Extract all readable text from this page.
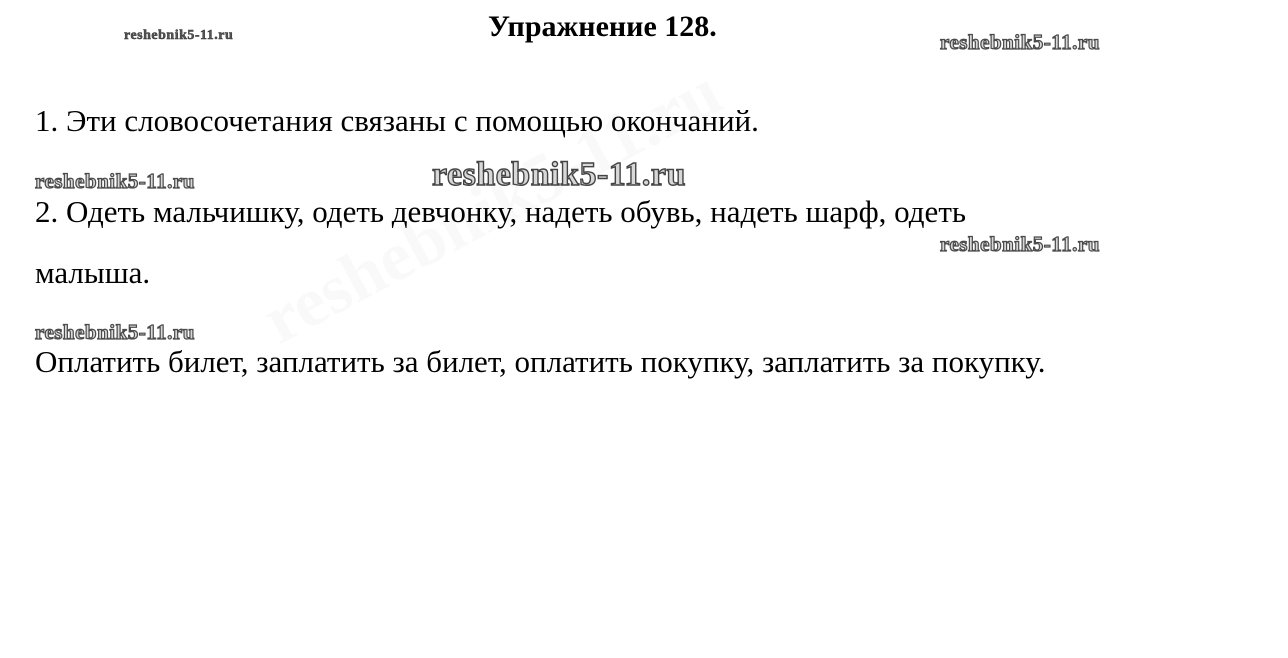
reshebnik5-11.ru	Упражнение 128.	reshebnik5-11.ru
1. Эти словосочетания связаны с помощью окончаний.
reshebnik5-11.ru	reshebnik5-11.ru
2. Одеть мальчишку, одеть девчонку, надеть обувь, надеть шарф, одеть
reshebnik5-11.ru
малыша.
reshebnik5-11.ru
Оплатить билет, заплатить за билет, оплатить покупку, заплатить за покупку.
